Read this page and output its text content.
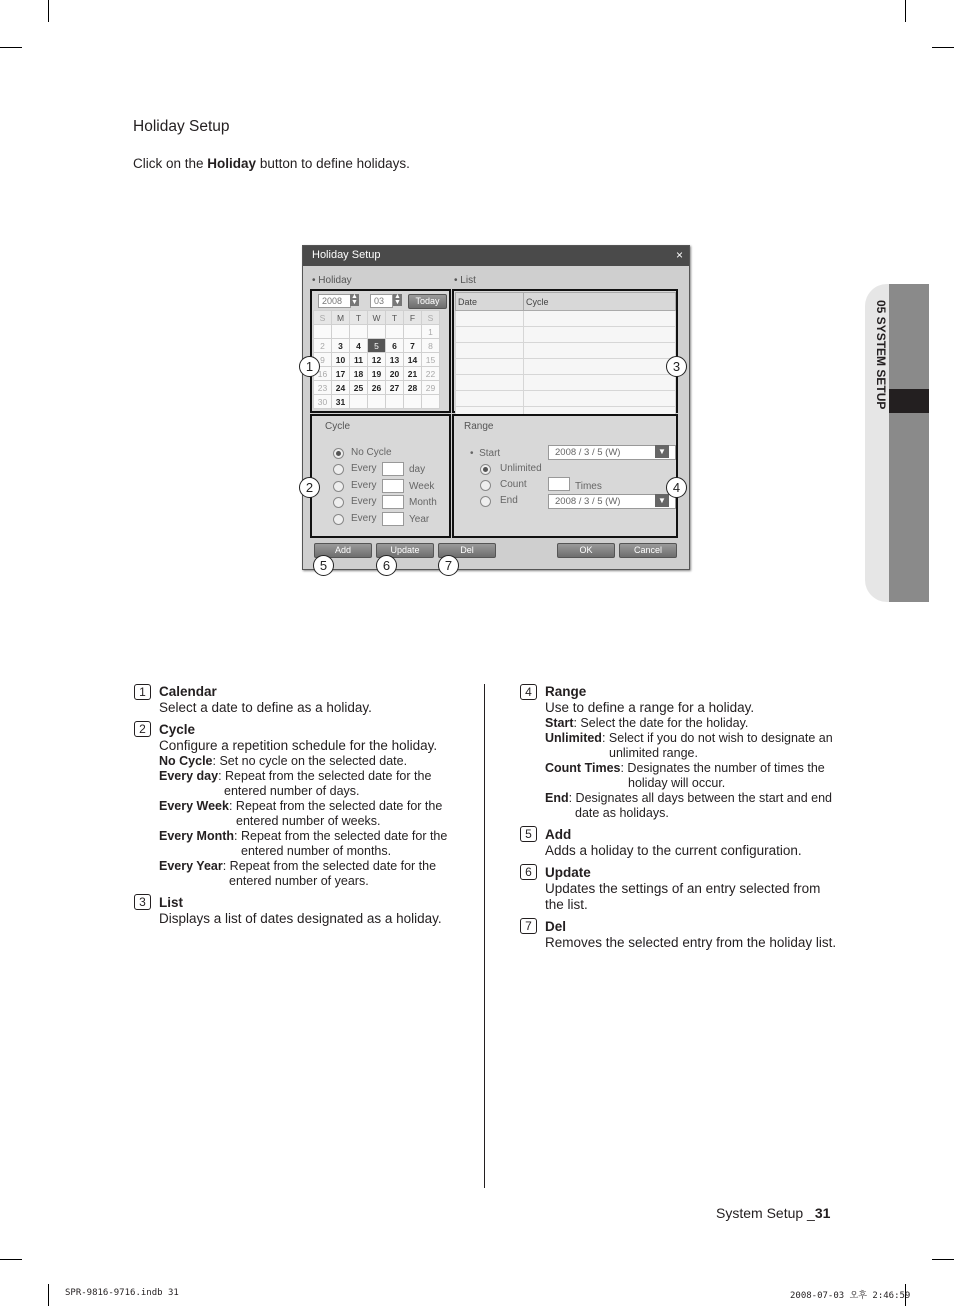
Holiday Setup
Click on the Holiday button to define holidays.
05 SYSTEM SETUP
Holiday Setup	×
• Holiday	• List
2008	▲
▼	03	▲
▼	Today
S	M	T	W	T	F	S
						1
2	3	4	5	6	7	8
9	10	11	12	13	14	15
16	17	18	19	20	21	22
23	24	25	26	27	28	29
30	31					
Date	Cycle

Cycle
No Cycle
Every	day
Every	Week
Every	Month
Every	Year
Range
•  Start	2008 / 3 / 5 (W)	▼
Unlimited
Count	Times
End	2008 / 3 / 5 (W)	▼
Add	Update	Del	OK	Cancel
1
2
3
4
5	6	7
1 Calendar
Select a date to define as a holiday.
2 Cycle
Configure a repetition schedule for the holiday.
No Cycle: Set no cycle on the selected date.
Every day: Repeat from the selected date for the
entered number of days.
Every Week: Repeat from the selected date for the
entered number of weeks.
Every Month: Repeat from the selected date for the
entered number of months.
Every Year: Repeat from the selected date for the
entered number of years.
3 List
Displays a list of dates designated as a holiday.
4 Range
Use to define a range for a holiday.
Start: Select the date for the holiday.
Unlimited: Select if you do not wish to designate an
unlimited range.
Count Times: Designates the number of times the
holiday will occur.
End: Designates all days between the start and end
date as holidays.
5 Add
Adds a holiday to the current configuration.
6 Update
Updates the settings of an entry selected from
the list.
7 Del
Removes the selected entry from the holiday list.
System Setup _31
SPR-9816-9716.indb 31	2008-07-03 오후 2:46:59
